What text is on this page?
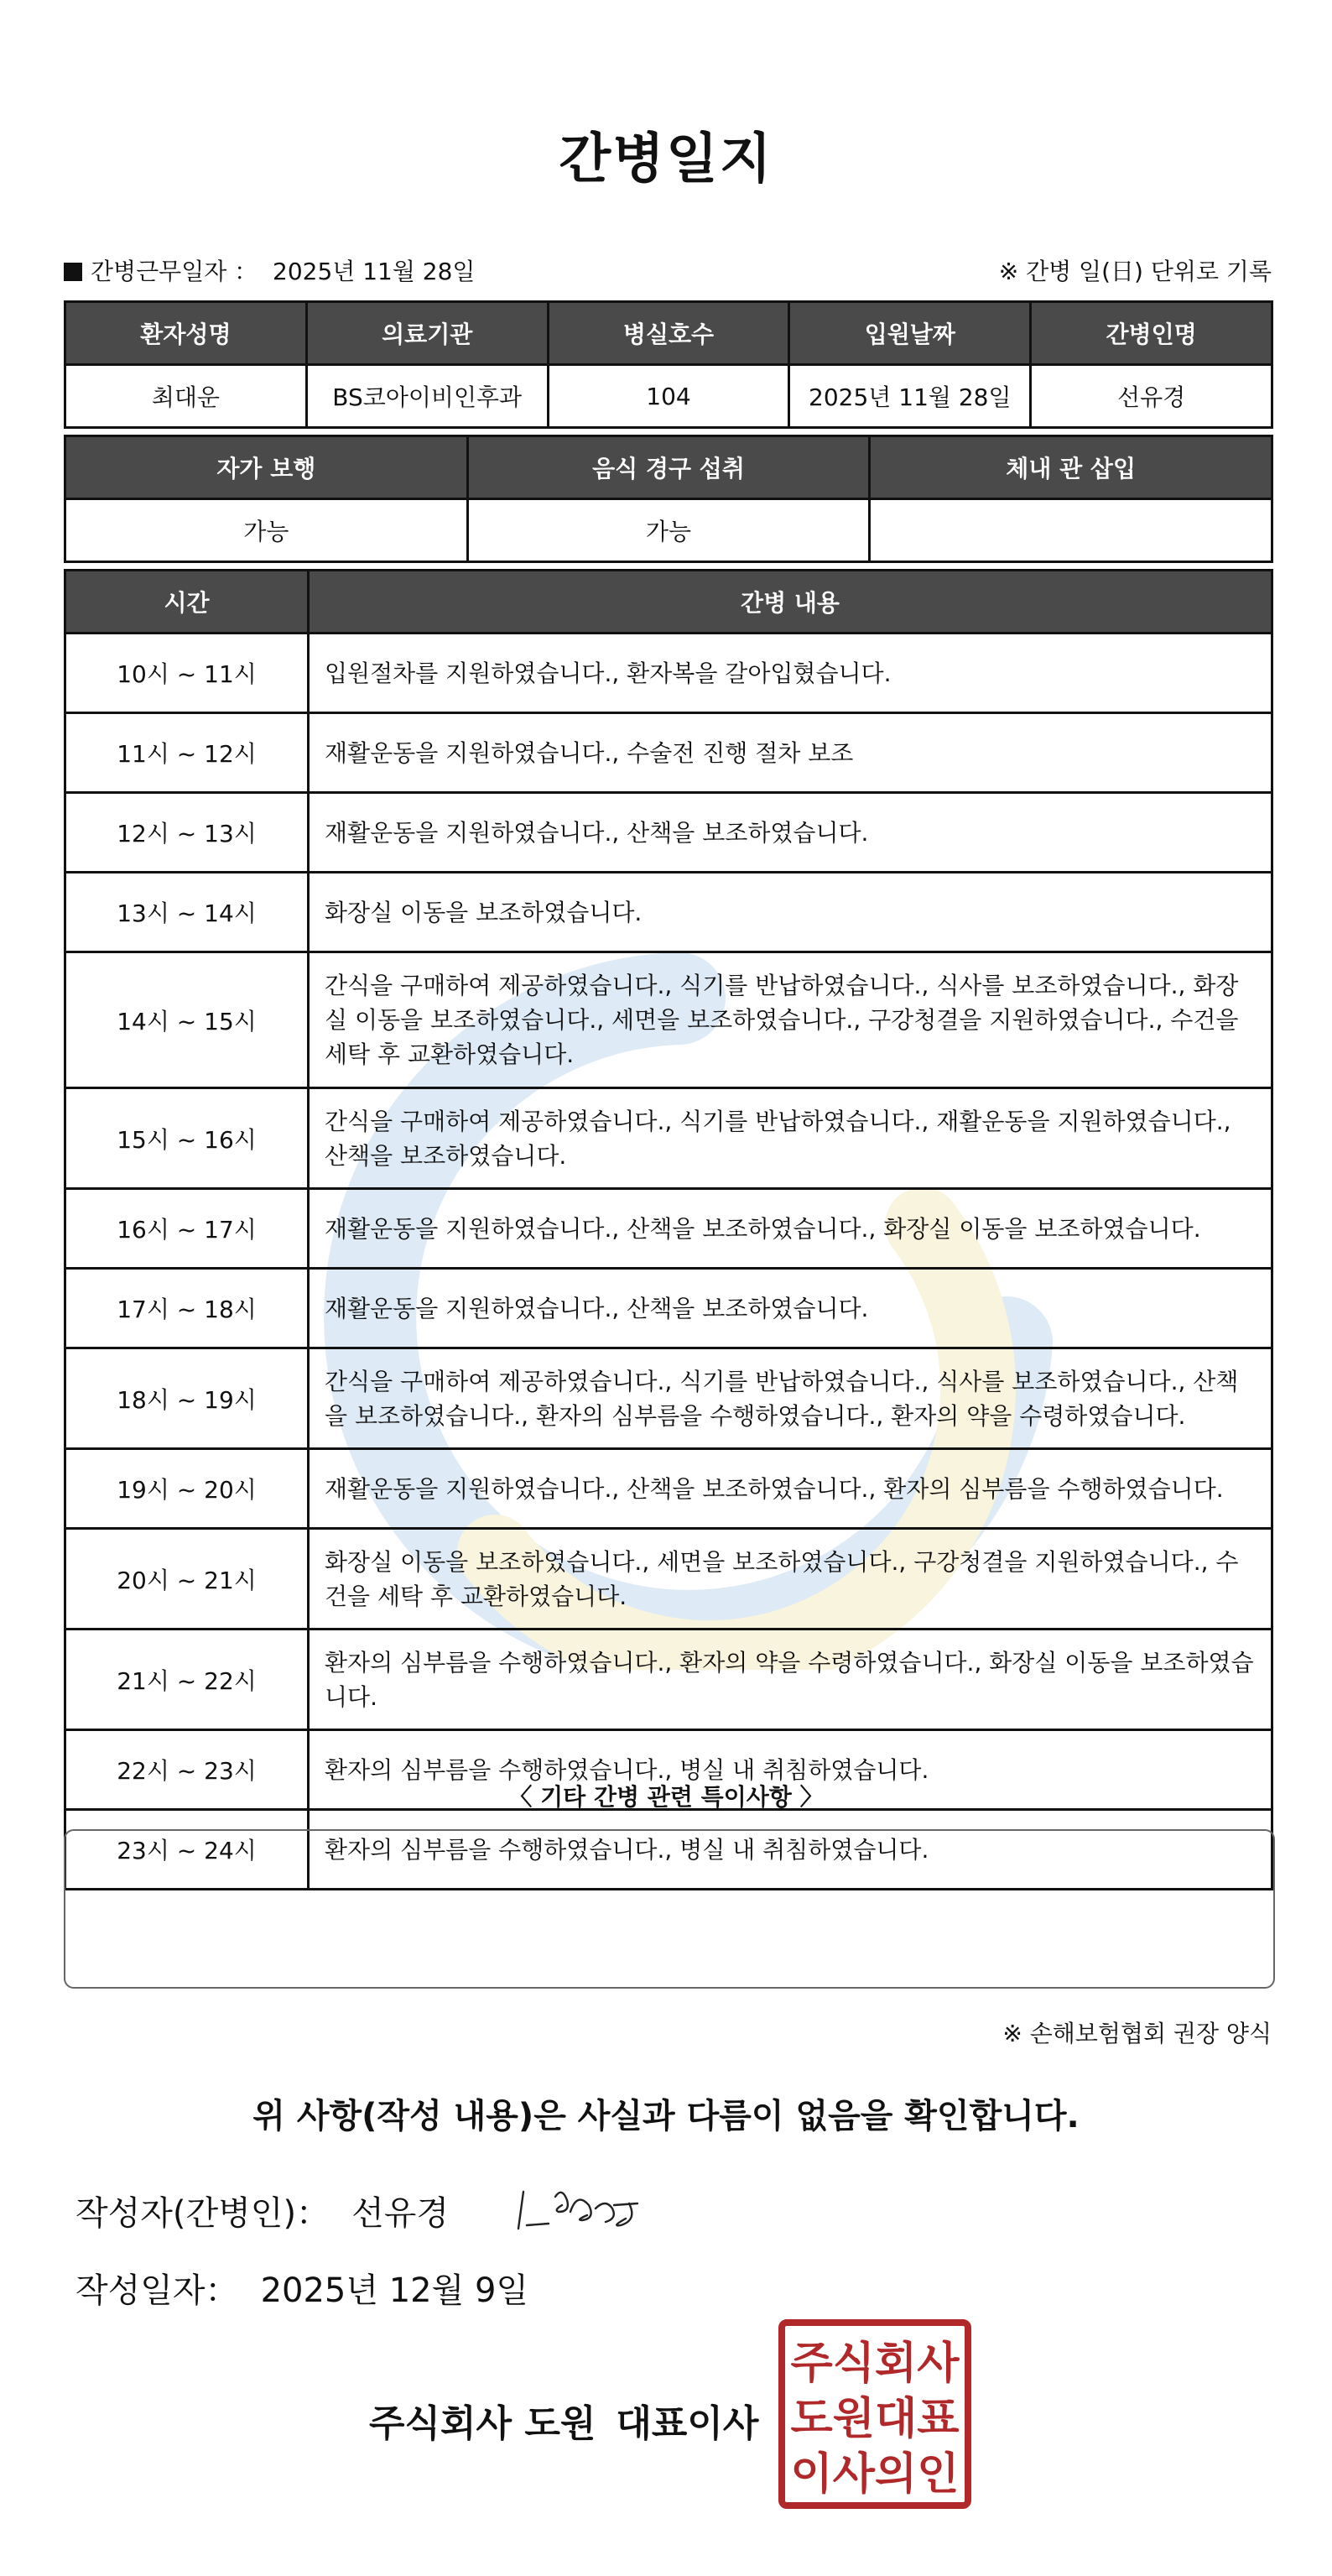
간병일지
간병근무일자 ： 2025년 11월 28일	※ 간병 일(日) 단위로 기록
환자성명	의료기관	병실호수	입원날짜	간병인명
최대운	BS코아이비인후과	104	2025년 11월 28일	선유경
자가 보행	음식 경구 섭취	체내 관 삽입
가능	가능	
시간	간병 내용
10시 ~ 11시	입원절차를 지원하였습니다., 환자복을 갈아입혔습니다.
11시 ~ 12시	재활운동을 지원하였습니다., 수술전 진행 절차 보조
12시 ~ 13시	재활운동을 지원하였습니다., 산책을 보조하였습니다.
13시 ~ 14시	화장실 이동을 보조하였습니다.
14시 ~ 15시	간식을 구매하여 제공하였습니다., 식기를 반납하였습니다., 식사를 보조하였습니다., 화장실 이동을 보조하였습니다., 세면을 보조하였습니다., 구강청결을 지원하였습니다., 수건을 세탁 후 교환하였습니다.
15시 ~ 16시	간식을 구매하여 제공하였습니다., 식기를 반납하였습니다., 재활운동을 지원하였습니다., 산책을 보조하였습니다.
16시 ~ 17시	재활운동을 지원하였습니다., 산책을 보조하였습니다., 화장실 이동을 보조하였습니다.
17시 ~ 18시	재활운동을 지원하였습니다., 산책을 보조하였습니다.
18시 ~ 19시	간식을 구매하여 제공하였습니다., 식기를 반납하였습니다., 식사를 보조하였습니다., 산책을 보조하였습니다., 환자의 심부름을 수행하였습니다., 환자의 약을 수령하였습니다.
19시 ~ 20시	재활운동을 지원하였습니다., 산책을 보조하였습니다., 환자의 심부름을 수행하였습니다.
20시 ~ 21시	화장실 이동을 보조하였습니다., 세면을 보조하였습니다., 구강청결을 지원하였습니다., 수건을 세탁 후 교환하였습니다.
21시 ~ 22시	환자의 심부름을 수행하였습니다., 환자의 약을 수령하였습니다., 화장실 이동을 보조하였습니다.
22시 ~ 23시	환자의 심부름을 수행하였습니다., 병실 내 취침하였습니다.
23시 ~ 24시	환자의 심부름을 수행하였습니다., 병실 내 취침하였습니다.
〈 기타 간병 관련 특이사항 〉
※ 손해보험협회 권장 양식
위 사항(작성 내용)은 사실과 다름이 없음을 확인합니다.
작성자(간병인)： 선유경
작성일자： 2025년 12월 9일
주식회사 도원 대표이사
주식회사
도원대표
이사의인
